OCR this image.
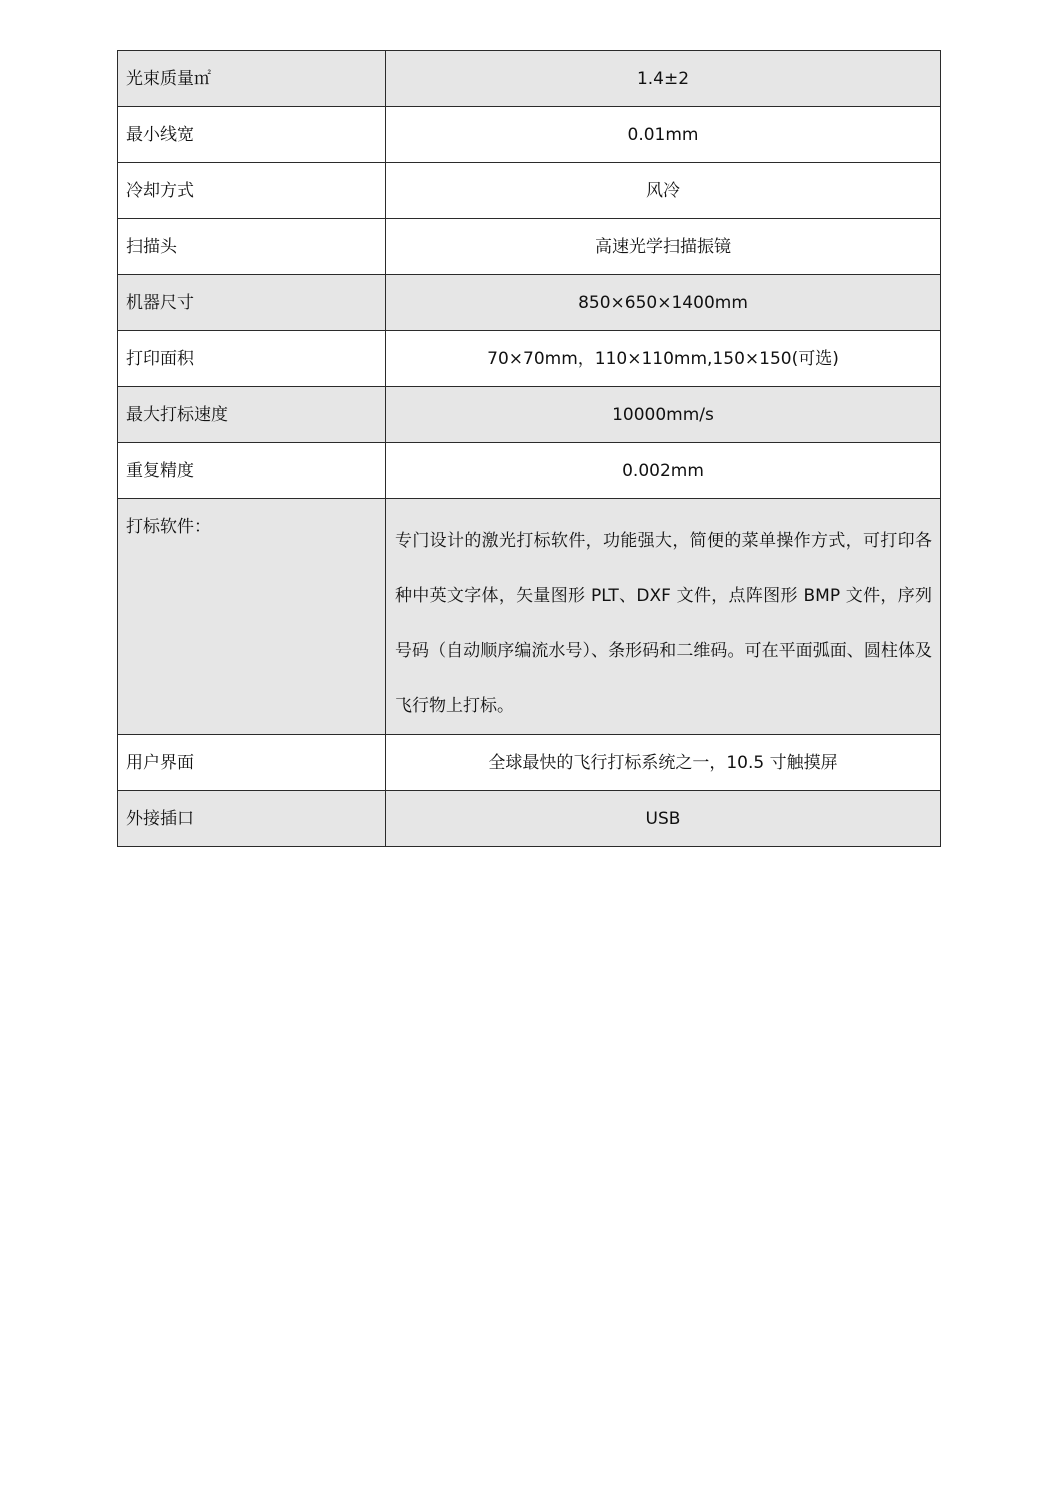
光束质量㎡	1.4±2
最小线宽	0.01mm
冷却方式	风冷
扫描头	高速光学扫描振镜
机器尺寸	850×650×1400mm
打印面积	70×70mm，110×110mm,150×150(可选)
最大打标速度	10000mm/s
重复精度	0.002mm
打标软件：	专门设计的激光打标软件，功能强大，简便的菜单操作方式，可打印各种中英文字体，矢量图形 PLT、DXF 文件，点阵图形 BMP 文件，序列号码（自动顺序编流水号）、条形码和二维码。可在平面弧面、圆柱体及飞行物上打标。
用户界面	全球最快的飞行打标系统之一，10.5 寸触摸屏
外接插口	USB
